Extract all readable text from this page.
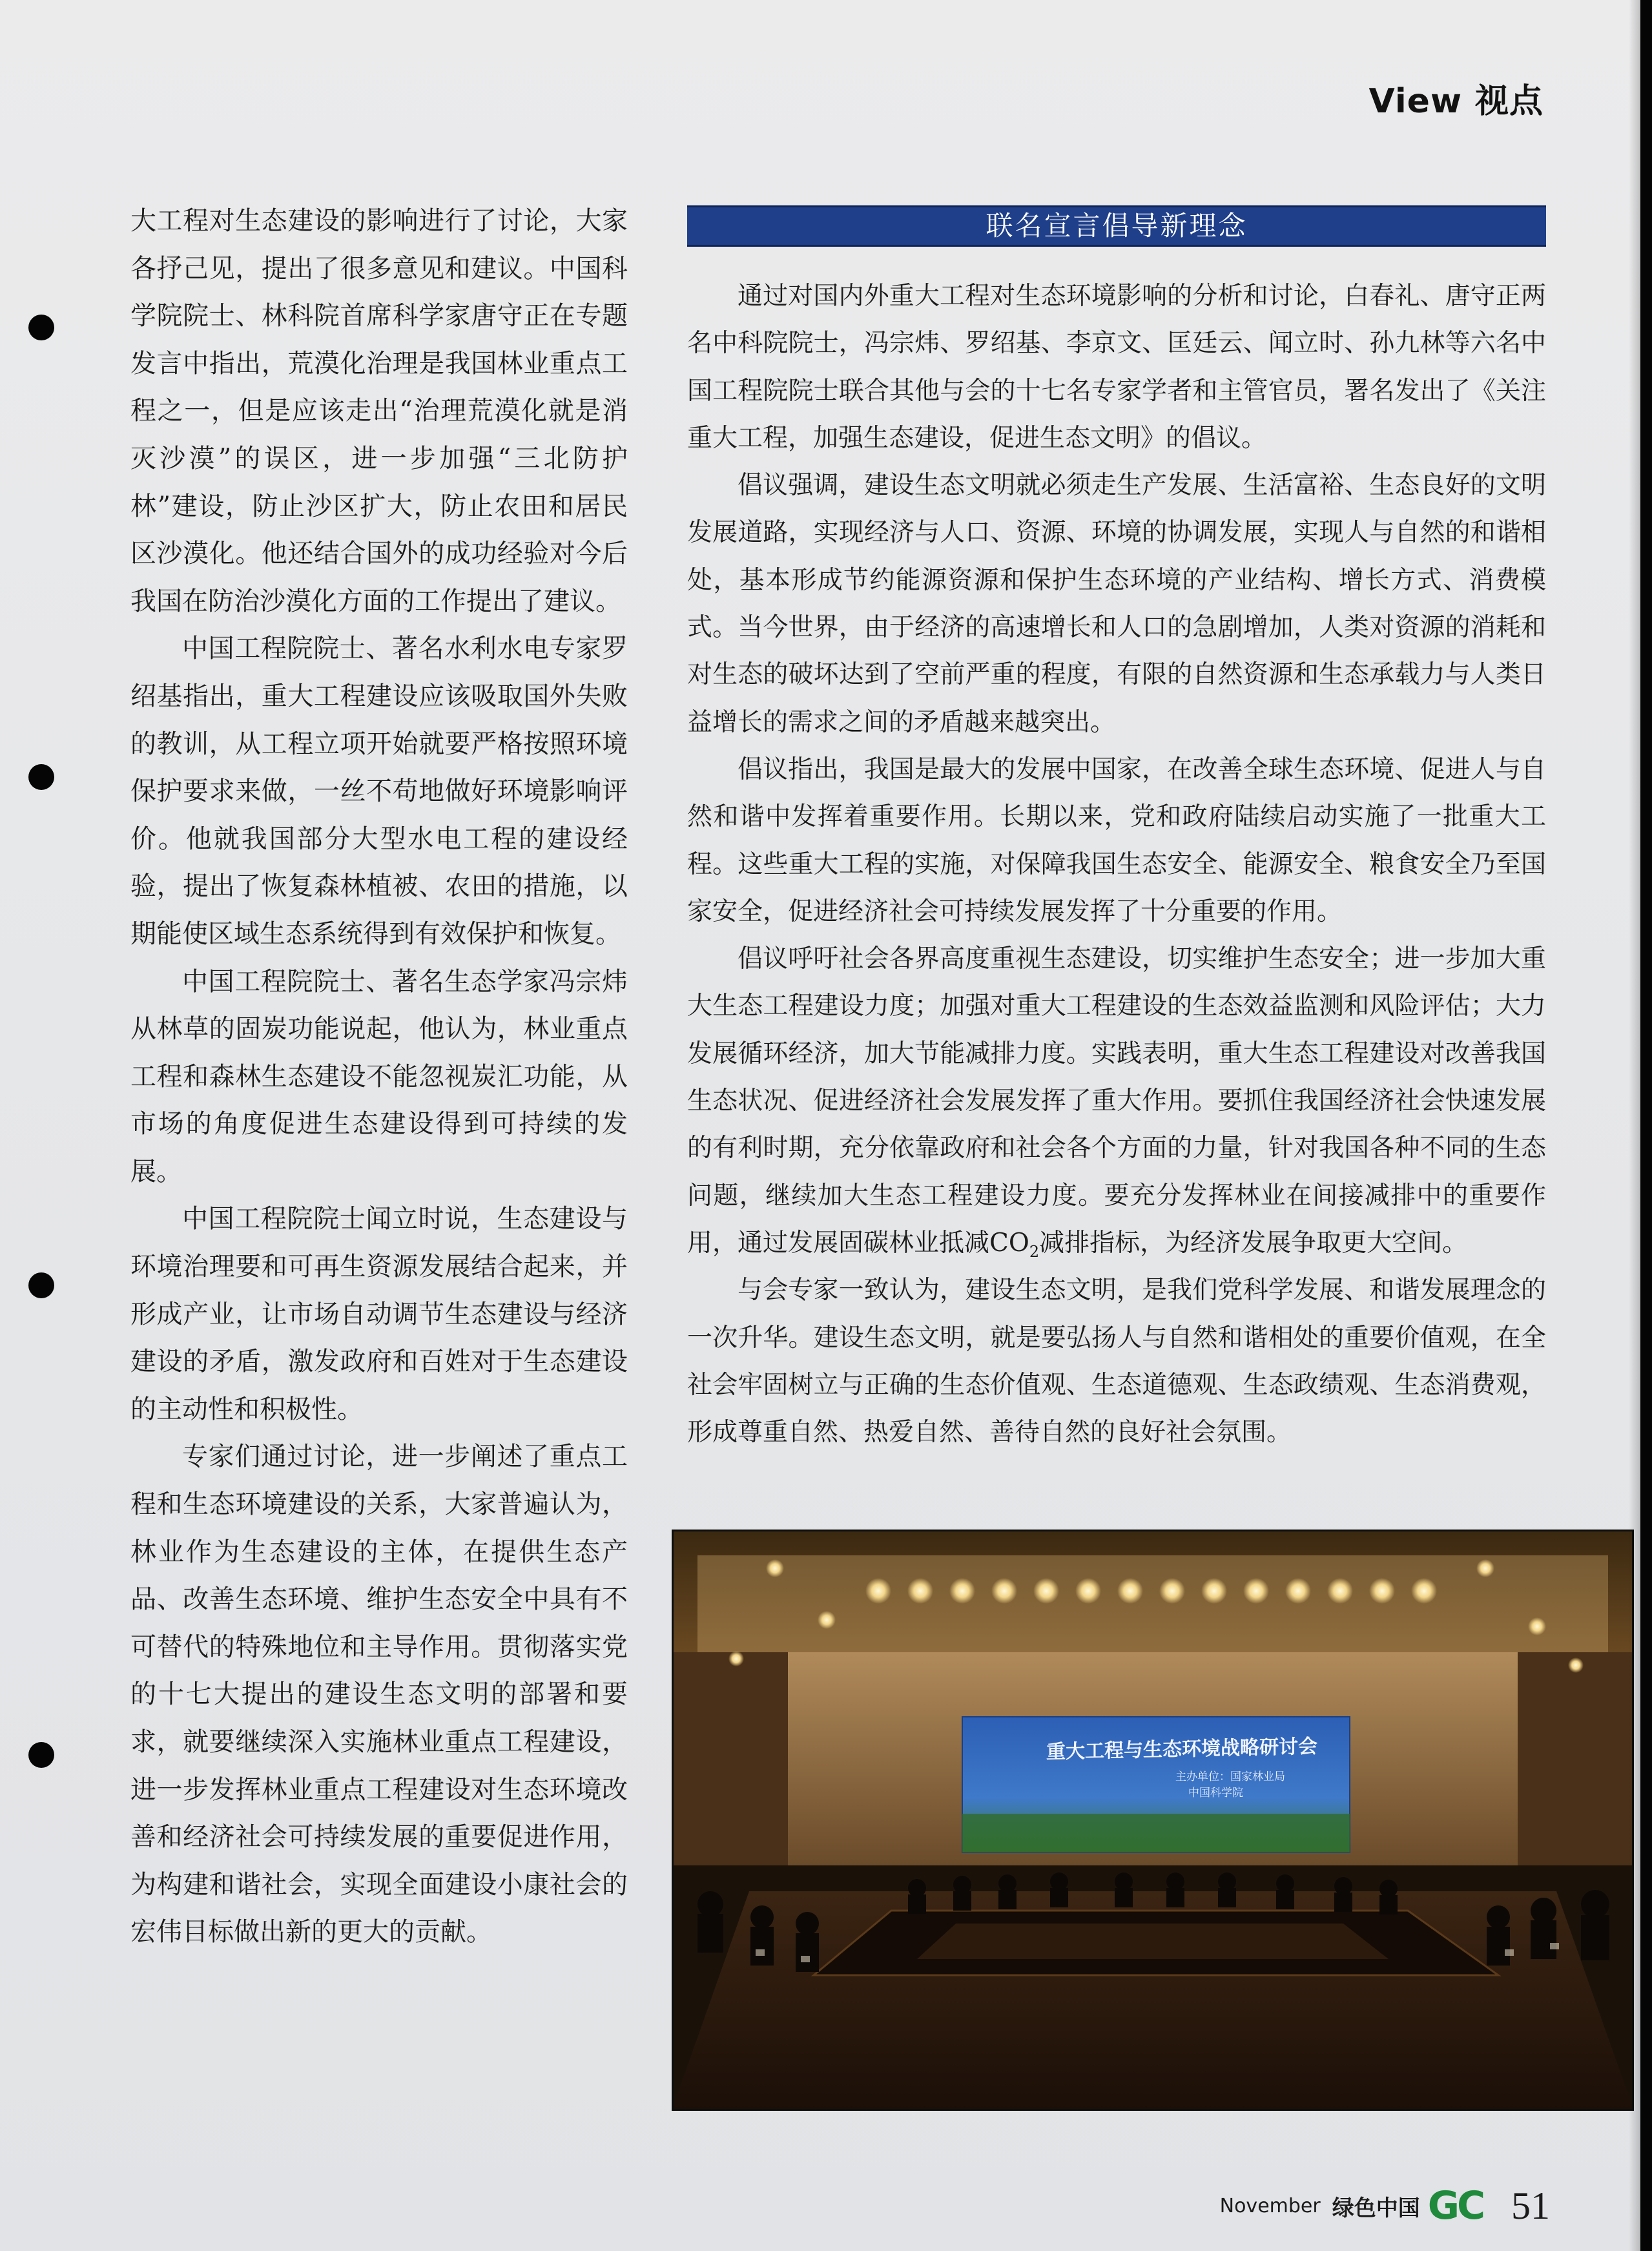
View 视点

大工程对生态建设的影响进行了讨论，大家各抒己见，提出了很多意见和建议。中国科学院院士、林科院首席科学家唐守正在专题发言中指出，荒漠化治理是我国林业重点工程之一，但是应该走出“治理荒漠化就是消灭沙漠”的误区，进一步加强“三北防护林”建设，防止沙区扩大，防止农田和居民区沙漠化。他还结合国外的成功经验对今后我国在防治沙漠化方面的工作提出了建议。

中国工程院院士、著名水利水电专家罗绍基指出，重大工程建设应该吸取国外失败的教训，从工程立项开始就要严格按照环境保护要求来做，一丝不苟地做好环境影响评价。他就我国部分大型水电工程的建设经验，提出了恢复森林植被、农田的措施，以期能使区域生态系统得到有效保护和恢复。

中国工程院院士、著名生态学家冯宗炜从林草的固炭功能说起，他认为，林业重点工程和森林生态建设不能忽视炭汇功能，从市场的角度促进生态建设得到可持续的发展。

中国工程院院士闻立时说，生态建设与环境治理要和可再生资源发展结合起来，并形成产业，让市场自动调节生态建设与经济建设的矛盾，激发政府和百姓对于生态建设的主动性和积极性。

专家们通过讨论，进一步阐述了重点工程和生态环境建设的关系，大家普遍认为，林业作为生态建设的主体，在提供生态产品、改善生态环境、维护生态安全中具有不可替代的特殊地位和主导作用。贯彻落实党的十七大提出的建设生态文明的部署和要求，就要继续深入实施林业重点工程建设，进一步发挥林业重点工程建设对生态环境改善和经济社会可持续发展的重要促进作用，为构建和谐社会，实现全面建设小康社会的宏伟目标做出新的更大的贡献。

联名宣言倡导新理念

通过对国内外重大工程对生态环境影响的分析和讨论，白春礼、唐守正两名中科院院士，冯宗炜、罗绍基、李京文、匡廷云、闻立时、孙九林等六名中国工程院院士联合其他与会的十七名专家学者和主管官员，署名发出了《关注重大工程，加强生态建设，促进生态文明》的倡议。

倡议强调，建设生态文明就必须走生产发展、生活富裕、生态良好的文明发展道路，实现经济与人口、资源、环境的协调发展，实现人与自然的和谐相处，基本形成节约能源资源和保护生态环境的产业结构、增长方式、消费模式。当今世界，由于经济的高速增长和人口的急剧增加，人类对资源的消耗和对生态的破坏达到了空前严重的程度，有限的自然资源和生态承载力与人类日益增长的需求之间的矛盾越来越突出。

倡议指出，我国是最大的发展中国家，在改善全球生态环境、促进人与自然和谐中发挥着重要作用。长期以来，党和政府陆续启动实施了一批重大工程。这些重大工程的实施，对保障我国生态安全、能源安全、粮食安全乃至国家安全，促进经济社会可持续发展发挥了十分重要的作用。

倡议呼吁社会各界高度重视生态建设，切实维护生态安全；进一步加大重大生态工程建设力度；加强对重大工程建设的生态效益监测和风险评估；大力发展循环经济，加大节能减排力度。实践表明，重大生态工程建设对改善我国生态状况、促进经济社会发展发挥了重大作用。要抓住我国经济社会快速发展的有利时期，充分依靠政府和社会各个方面的力量，针对我国各种不同的生态问题，继续加大生态工程建设力度。要充分发挥林业在间接减排中的重要作用，通过发展固碳林业抵减$CO_2$减排指标，为经济发展争取更大空间。

与会专家一致认为，建设生态文明，是我们党科学发展、和谐发展理念的一次升华。建设生态文明，就是要弘扬人与自然和谐相处的重要价值观，在全社会牢固树立与正确的生态价值观、生态道德观、生态政绩观、生态消费观，形成尊重自然、热爱自然、善待自然的良好社会氛围。

重大工程与生态环境战略研讨会
主办单位：国家林业局
中国科学院
November 绿色中国 GC 51
